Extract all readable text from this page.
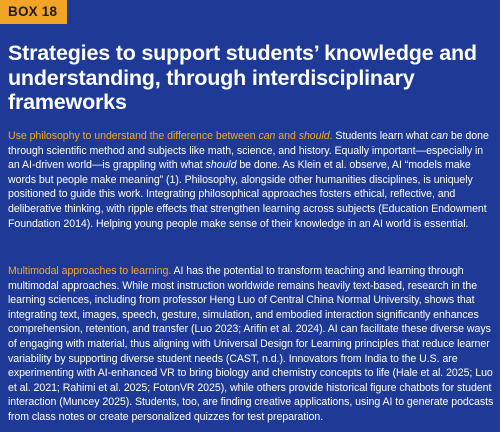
BOX 18
Strategies to support students’ knowledge and understanding, through interdisciplinary frameworks

Use philosophy to understand the difference between can and should. Students learn what can be done through scientific method and subjects like math, science, and history. Equally important—especially in an AI-driven world—is grappling with what should be done. As Klein et al. observe, AI “models make words but people make meaning” (1). Philosophy, alongside other humanities disciplines, is uniquely positioned to guide this work. Integrating philosophical approaches fosters ethical, reflective, and deliberative thinking, with ripple effects that strengthen learning across subjects (Education Endowment Foundation 2014). Helping young people make sense of their knowledge in an AI world is essential.

Multimodal approaches to learning. AI has the potential to transform teaching and learning through multimodal approaches. While most instruction worldwide remains heavily text-based, research in the learning sciences, including from professor Heng Luo of Central China Normal University, shows that integrating text, images, speech, gesture, simulation, and embodied interaction significantly enhances comprehension, retention, and transfer (Luo 2023; Arifin et al. 2024). AI can facilitate these diverse ways of engaging with material, thus aligning with Universal Design for Learning principles that reduce learner variability by supporting diverse student needs (CAST, n.d.). Innovators from India to the U.S. are experimenting with AI-enhanced VR to bring biology and chemistry concepts to life (Hale et al. 2025; Luo et al. 2021; Rahimi et al. 2025; FotonVR 2025), while others provide historical figure chatbots for student interaction (Muncey 2025). Students, too, are finding creative applications, using AI to generate podcasts from class notes or create personalized quizzes for test preparation.
